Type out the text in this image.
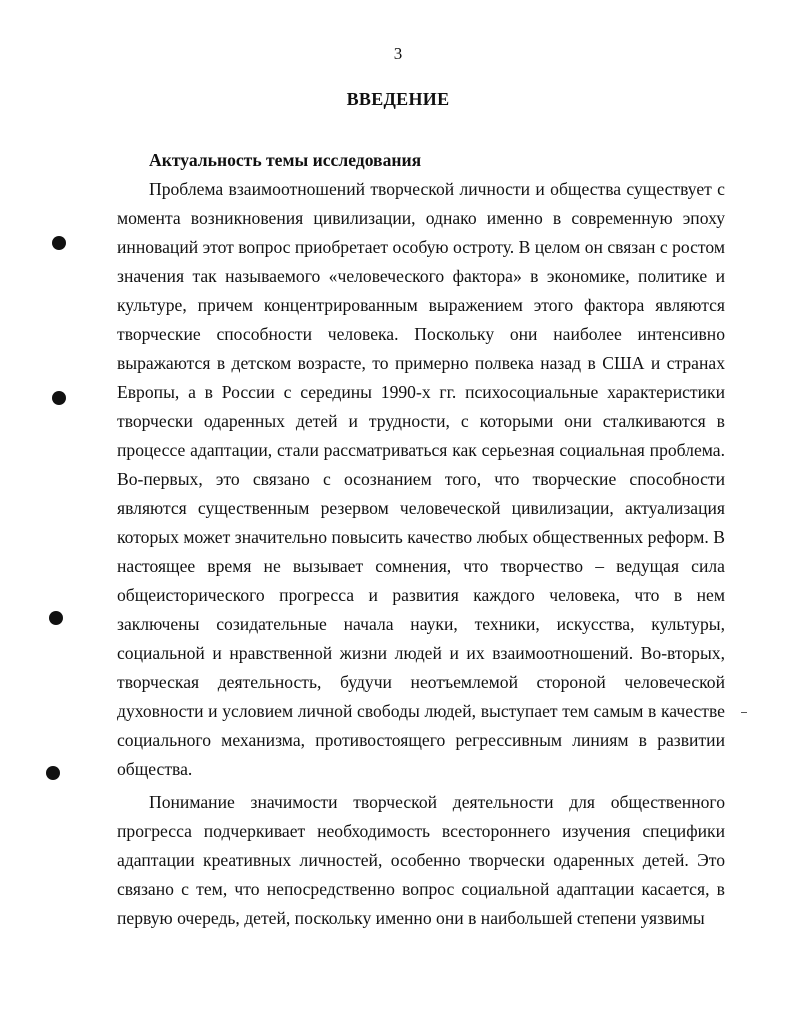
3
ВВЕДЕНИЕ

Актуальность темы исследования

Проблема взаимоотношений творческой личности и общества существует с момента возникновения цивилизации, однако именно в современную эпоху инноваций этот вопрос приобретает особую остроту. В целом он связан с ростом значения так называемого «человеческого фактора» в экономике, политике и культуре, причем концентрированным выражением этого фактора являются творческие способности человека. Поскольку они наиболее интенсивно выражаются в детском возрасте, то примерно полвека назад в США и странах Европы, а в России с середины 1990-х гг. психосоциальные характеристики творчески одаренных детей и трудности, с которыми они сталкиваются в процессе адаптации, стали рассматриваться как серьезная социальная проблема. Во-первых, это связано с осознанием того, что творческие способности являются существенным резервом человеческой цивилизации, актуализация которых может значительно повысить качество любых общественных реформ. В настоящее время не вызывает сомнения, что творчество – ведущая сила общеисторического прогресса и развития каждого человека, что в нем заключены созидательные начала науки, техники, искусства, культуры, социальной и нравственной жизни людей и их взаимоотношений. Во-вторых, творческая деятельность, будучи неотъемлемой стороной человеческой духовности и условием личной свободы людей, выступает тем самым в качестве социального механизма, противостоящего регрессивным линиям в развитии общества.

Понимание значимости творческой деятельности для общественного прогресса подчеркивает необходимость всестороннего изучения специфики адаптации креативных личностей, особенно творчески одаренных детей. Это связано с тем, что непосредственно вопрос социальной адаптации касается, в первую очередь, детей, поскольку именно они в наибольшей степени уязвимы
